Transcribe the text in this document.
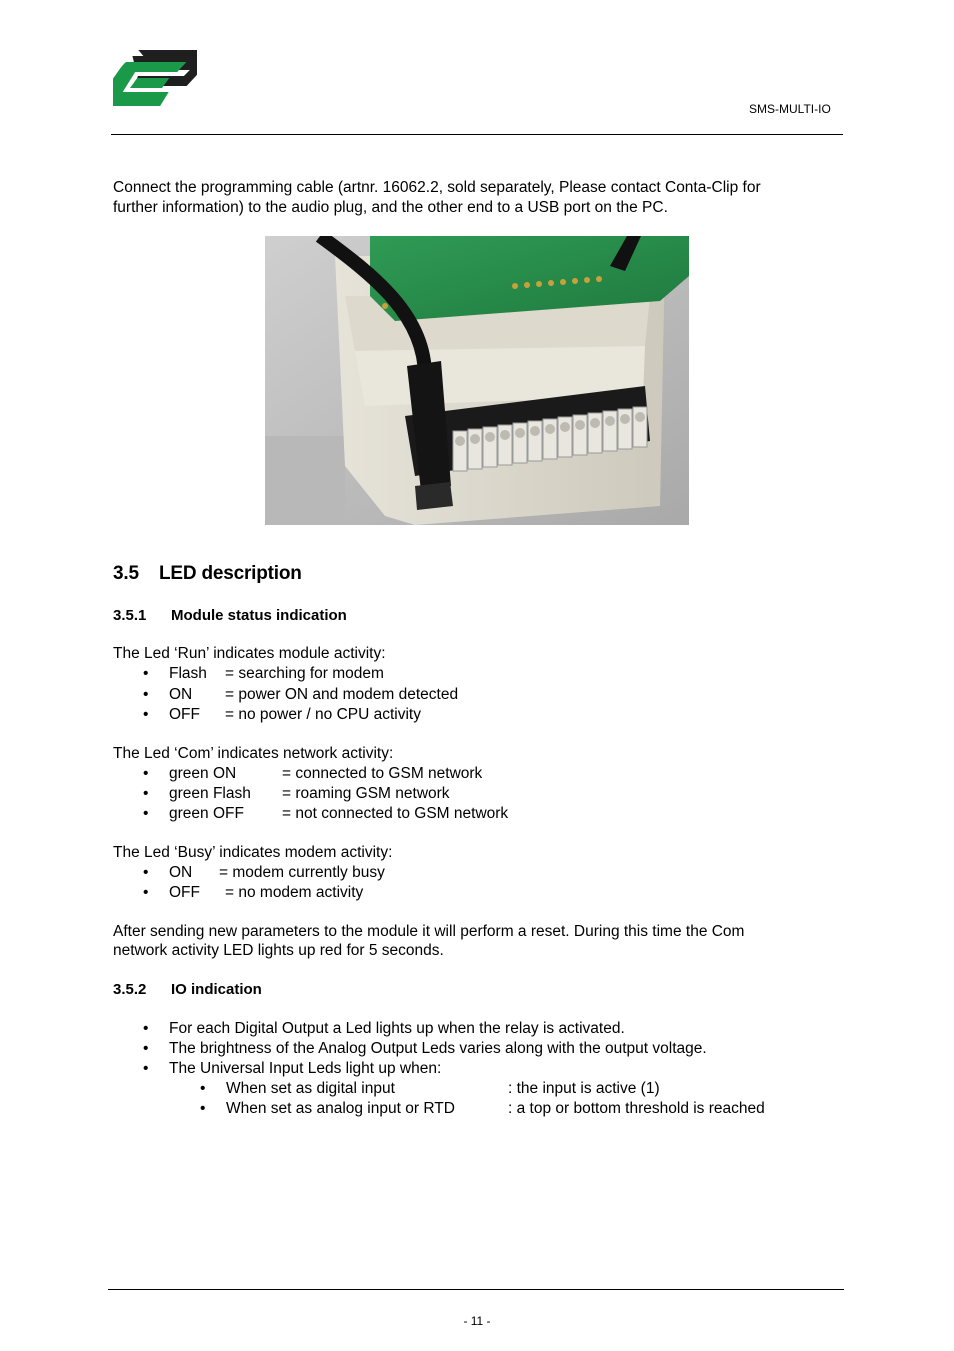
SMS-MULTI-IO
Connect the programming cable (artnr. 16062.2, sold separately, Please contact Conta-Clip for
further information) to the audio plug, and the other end to a USB port on the PC.
3.5 LED description
3.5.1 Module status indication
The Led ‘Run’ indicates module activity:
• Flash = searching for modem
• ON = power ON and modem detected
• OFF = no power / no CPU activity
The Led ‘Com’ indicates network activity:
• green ON	= connected to GSM network
• green Flash = roaming GSM network
• green OFF = not connected to GSM network
The Led ‘Busy’ indicates modem activity:
• ON = modem currently busy
• OFF = no modem activity
After sending new parameters to the module it will perform a reset. During this time the Com
network activity LED lights up red for 5 seconds.
3.5.2 IO indication
• For each Digital Output a Led lights up when the relay is activated.
• The brightness of the Analog Output Leds varies along with the output voltage.
• The Universal Input Leds light up when:
• When set as digital input	: the input is active (1)
• When set as analog input or RTD	: a top or bottom threshold is reached
- 11 -
